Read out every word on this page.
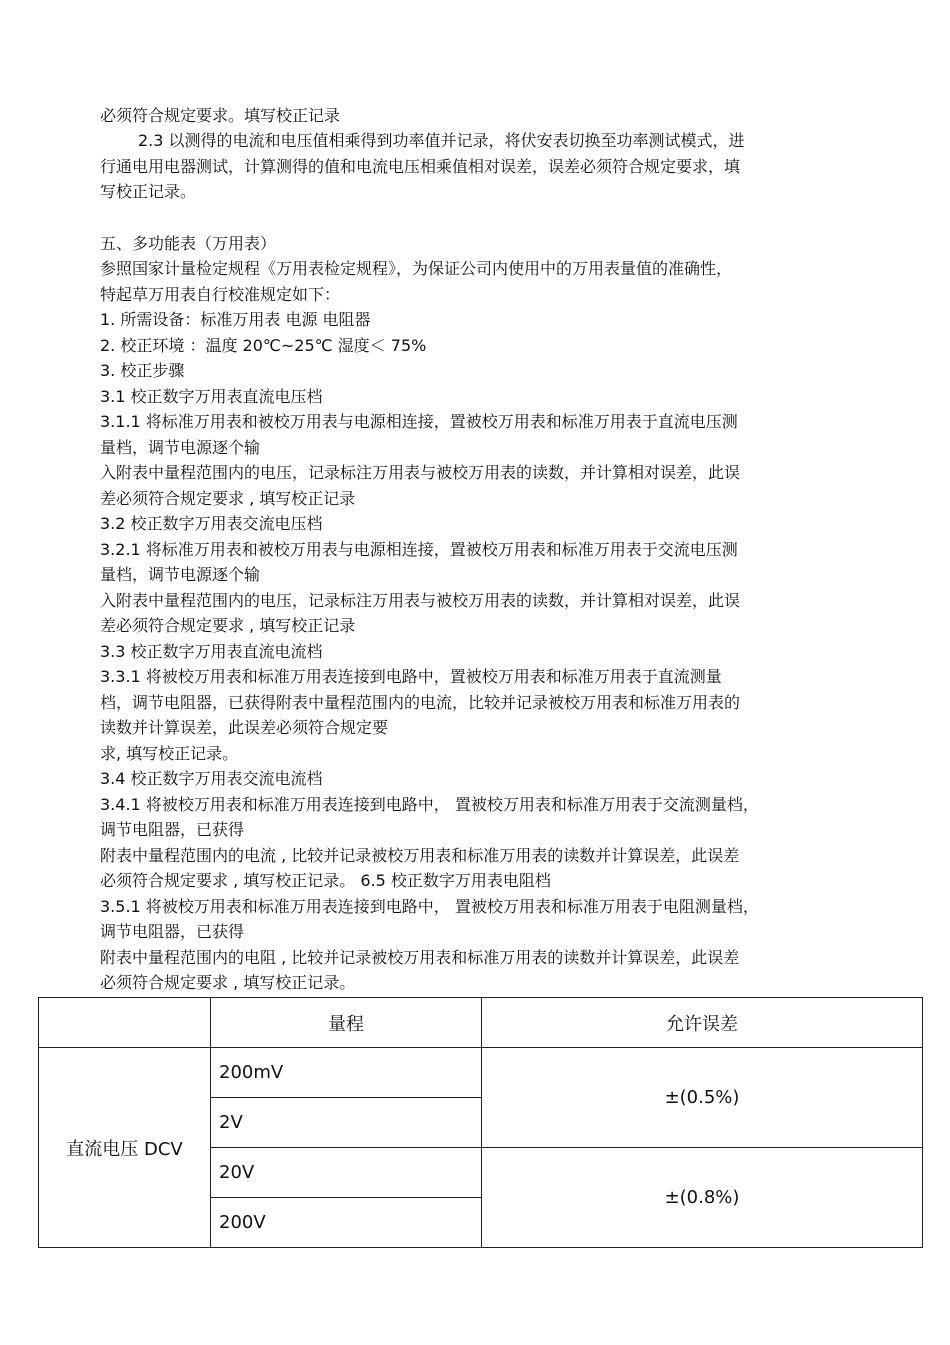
必须符合规定要求。填写校正记录
2.3 以测得的电流和电压值相乘得到功率值并记录，将伏安表切换至功率测试模式，进
行通电用电器测试，计算测得的值和电流电压相乘值相对误差，误差必须符合规定要求，填
写校正记录。
五、多功能表（万用表）
参照国家计量检定规程《万用表检定规程》，为保证公司内使用中的万用表量值的准确性，
特起草万用表自行校准规定如下：
1. 所需设备：标准万用表 电源 电阻器
2. 校正环境 ：温度 20℃~25℃ 湿度＜ 75%
3. 校正步骤
3.1 校正数字万用表直流电压档
3.1.1 将标准万用表和被校万用表与电源相连接，置被校万用表和标准万用表于直流电压测
量档，调节电源逐个输
入附表中量程范围内的电压，记录标注万用表与被校万用表的读数，并计算相对误差，此误
差必须符合规定要求 , 填写校正记录
3.2 校正数字万用表交流电压档
3.2.1 将标准万用表和被校万用表与电源相连接，置被校万用表和标准万用表于交流电压测
量档，调节电源逐个输
入附表中量程范围内的电压，记录标注万用表与被校万用表的读数，并计算相对误差，此误
差必须符合规定要求 , 填写校正记录
3.3 校正数字万用表直流电流档
3.3.1 将被校万用表和标准万用表连接到电路中，置被校万用表和标准万用表于直流测量
档，调节电阻器，已获得附表中量程范围内的电流，比较并记录被校万用表和标准万用表的
读数并计算误差，此误差必须符合规定要
求, 填写校正记录。
3.4 校正数字万用表交流电流档
3.4.1 将被校万用表和标准万用表连接到电路中， 置被校万用表和标准万用表于交流测量档，
调节电阻器，已获得
附表中量程范围内的电流 , 比较并记录被校万用表和标准万用表的读数并计算误差，此误差
必须符合规定要求 , 填写校正记录。 6.5 校正数字万用表电阻档
3.5.1 将被校万用表和标准万用表连接到电路中， 置被校万用表和标准万用表于电阻测量档，
调节电阻器，已获得
附表中量程范围内的电阻 , 比较并记录被校万用表和标准万用表的读数并计算误差，此误差
必须符合规定要求 , 填写校正记录。
	量程	允许误差
直流电压 DCV	200mV	±(0.5%)
	2V	
	20V	±(0.8%)
	200V	
